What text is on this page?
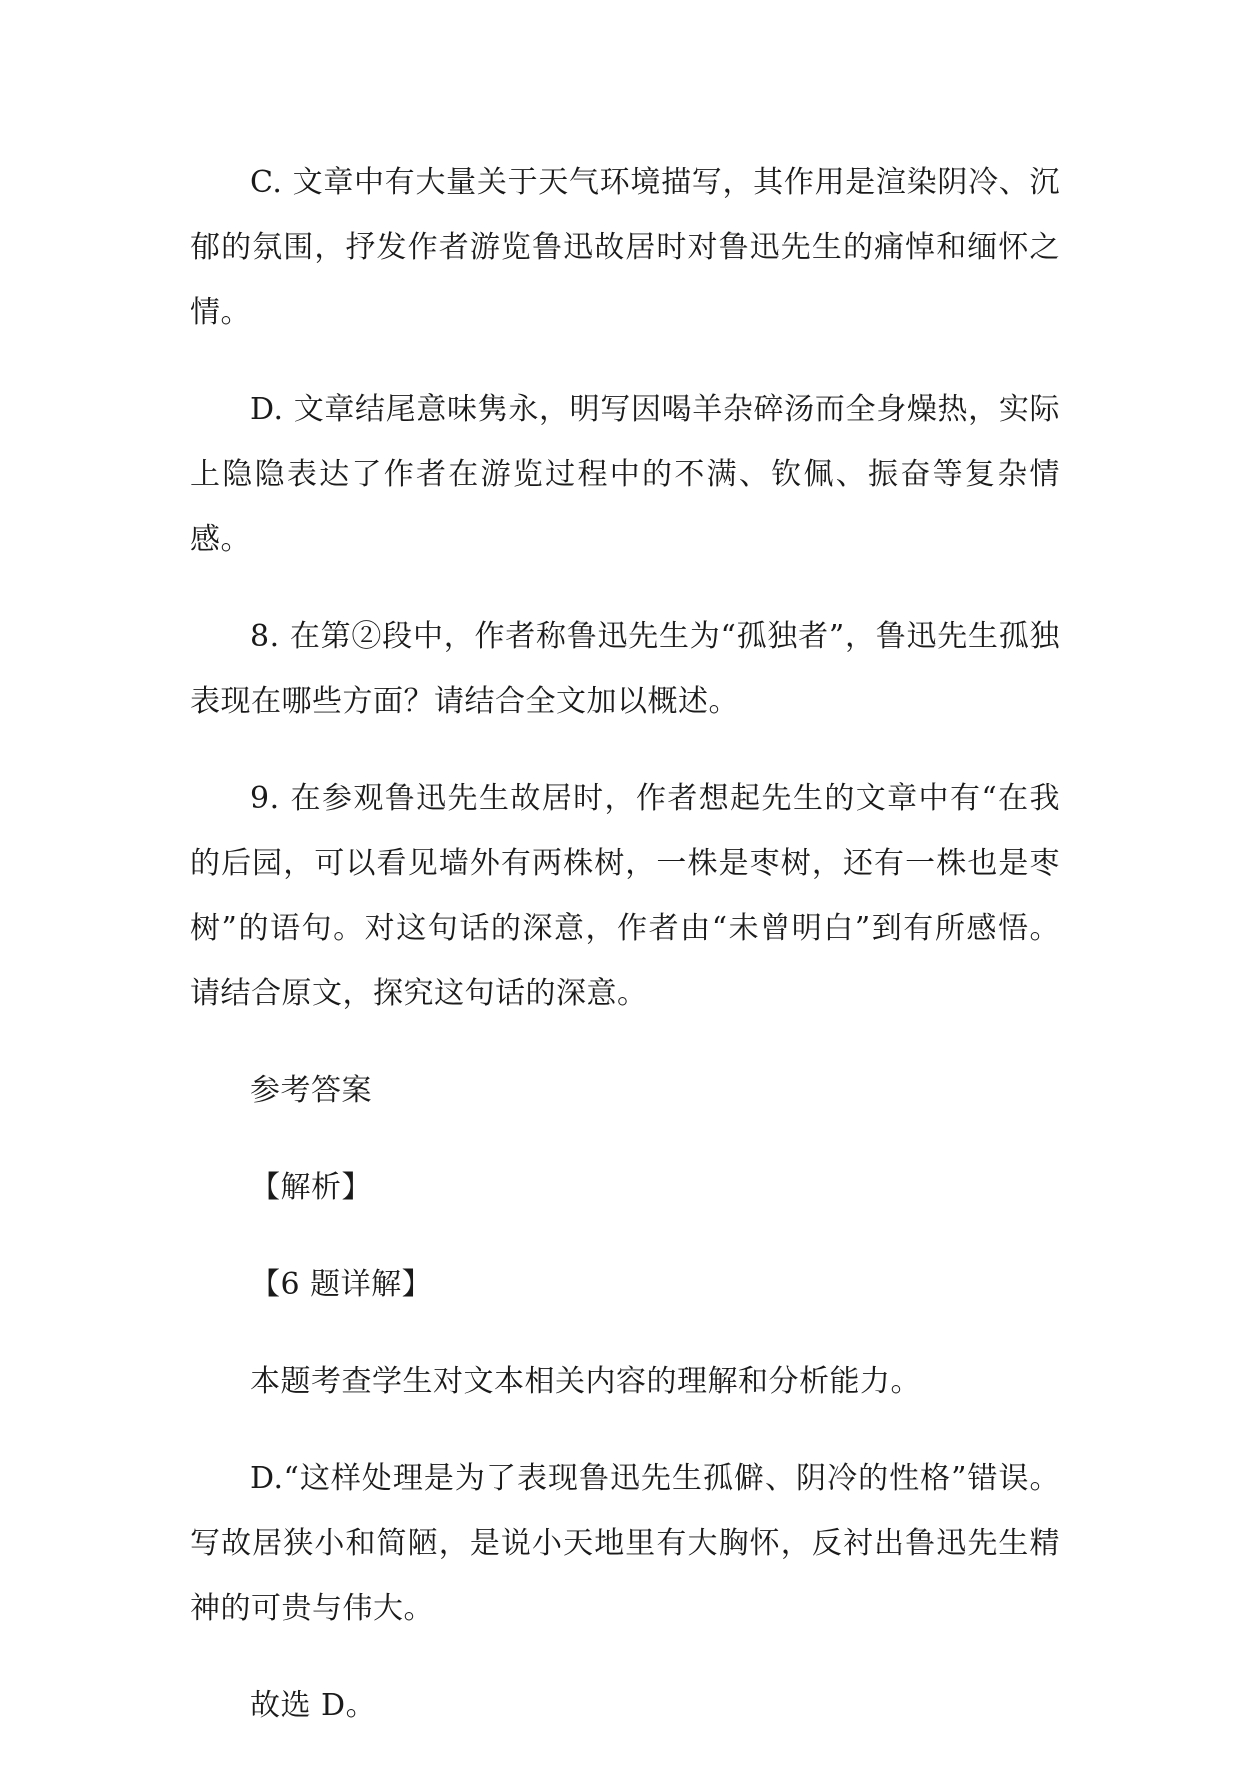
C. 文章中有大量关于天气环境描写，其作用是渲染阴冷、沉郁的氛围，抒发作者游览鲁迅故居时对鲁迅先生的痛悼和缅怀之情。

D. 文章结尾意味隽永，明写因喝羊杂碎汤而全身燥热，实际上隐隐表达了作者在游览过程中的不满、钦佩、振奋等复杂情感。

8. 在第②段中，作者称鲁迅先生为“孤独者”，鲁迅先生孤独表现在哪些方面？请结合全文加以概述。

9. 在参观鲁迅先生故居时，作者想起先生的文章中有“在我的后园，可以看见墙外有两株树，一株是枣树，还有一株也是枣树”的语句。对这句话的深意，作者由“未曾明白”到有所感悟。请结合原文，探究这句话的深意。

参考答案

【解析】

【6 题详解】

本题考查学生对文本相关内容的理解和分析能力。

D.“这样处理是为了表现鲁迅先生孤僻、阴冷的性格”错误。写故居狭小和简陋，是说小天地里有大胸怀，反衬出鲁迅先生精神的可贵与伟大。

故选 D。
